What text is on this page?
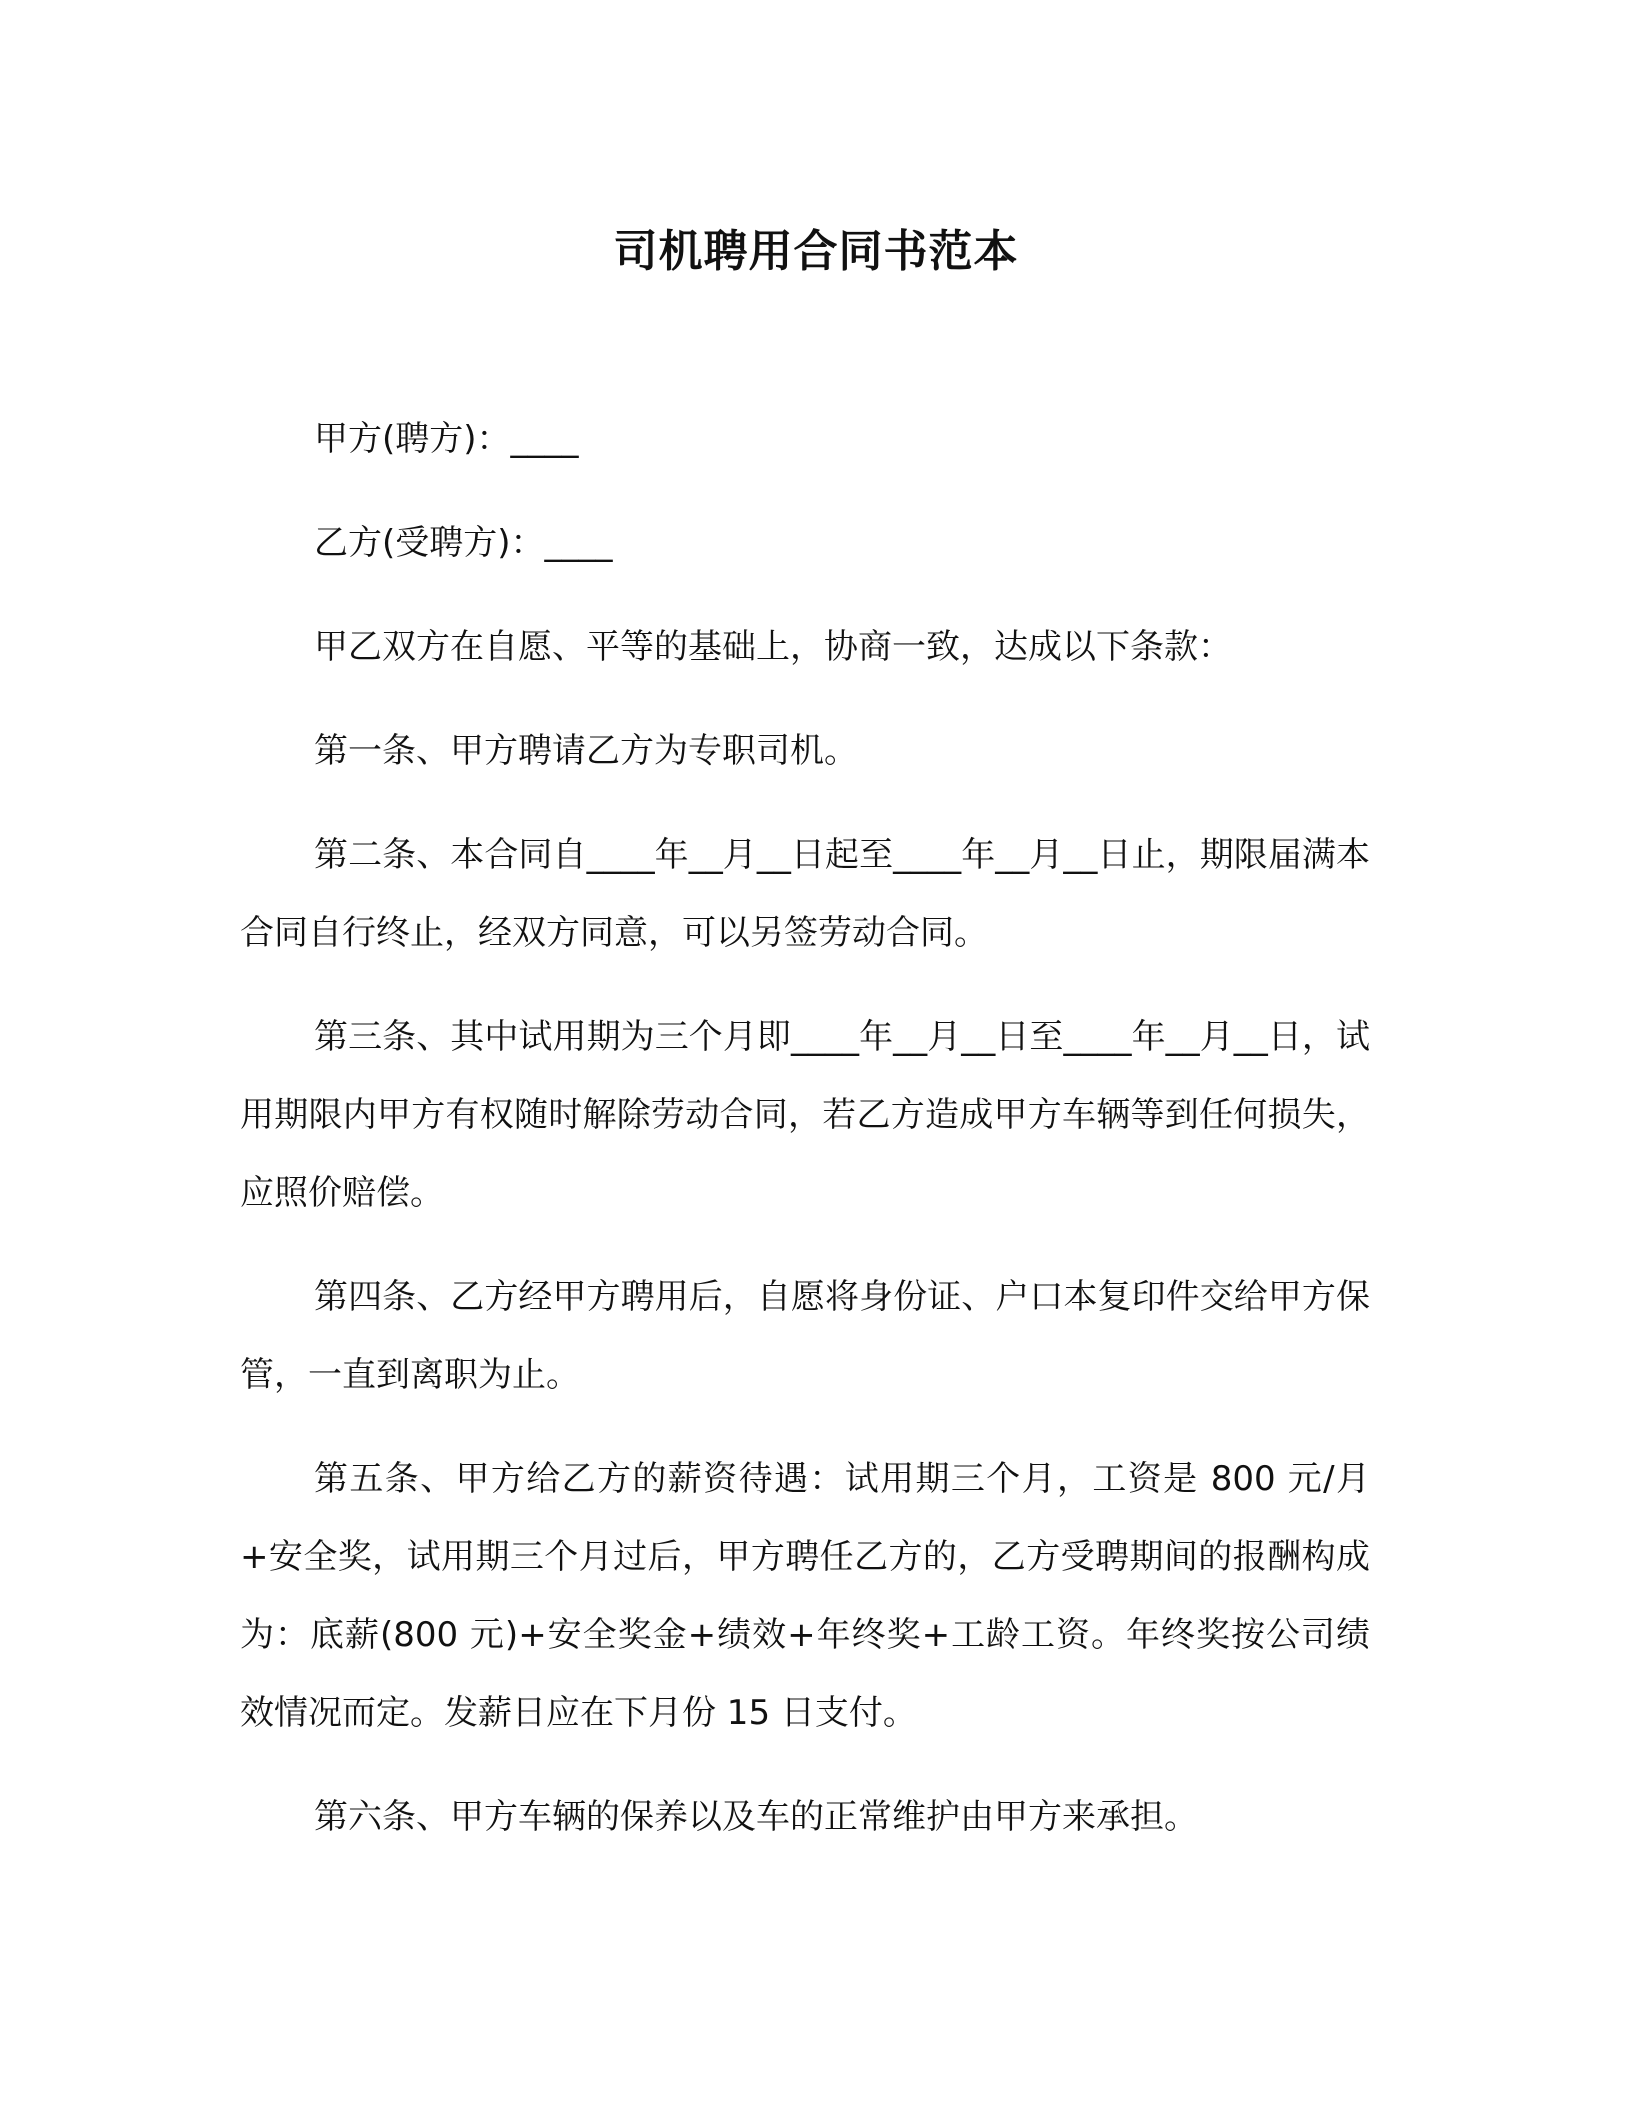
司机聘用合同书范本

甲方(聘方)：____

乙方(受聘方)：____

甲乙双方在自愿、平等的基础上，协商一致，达成以下条款：

第一条、甲方聘请乙方为专职司机。

第二条、本合同自____年__月__日起至____年__月__日止，期限届满本合同自行终止，经双方同意，可以另签劳动合同。

第三条、其中试用期为三个月即____年__月__日至____年__月__日，试用期限内甲方有权随时解除劳动合同，若乙方造成甲方车辆等到任何损失，应照价赔偿。

第四条、乙方经甲方聘用后，自愿将身份证、户口本复印件交给甲方保管，一直到离职为止。

第五条、甲方给乙方的薪资待遇：试用期三个月，工资是 800 元/月+安全奖，试用期三个月过后，甲方聘任乙方的，乙方受聘期间的报酬构成为：底薪(800 元)+安全奖金+绩效+年终奖+工龄工资。年终奖按公司绩效情况而定。发薪日应在下月份 15 日支付。

第六条、甲方车辆的保养以及车的正常维护由甲方来承担。
